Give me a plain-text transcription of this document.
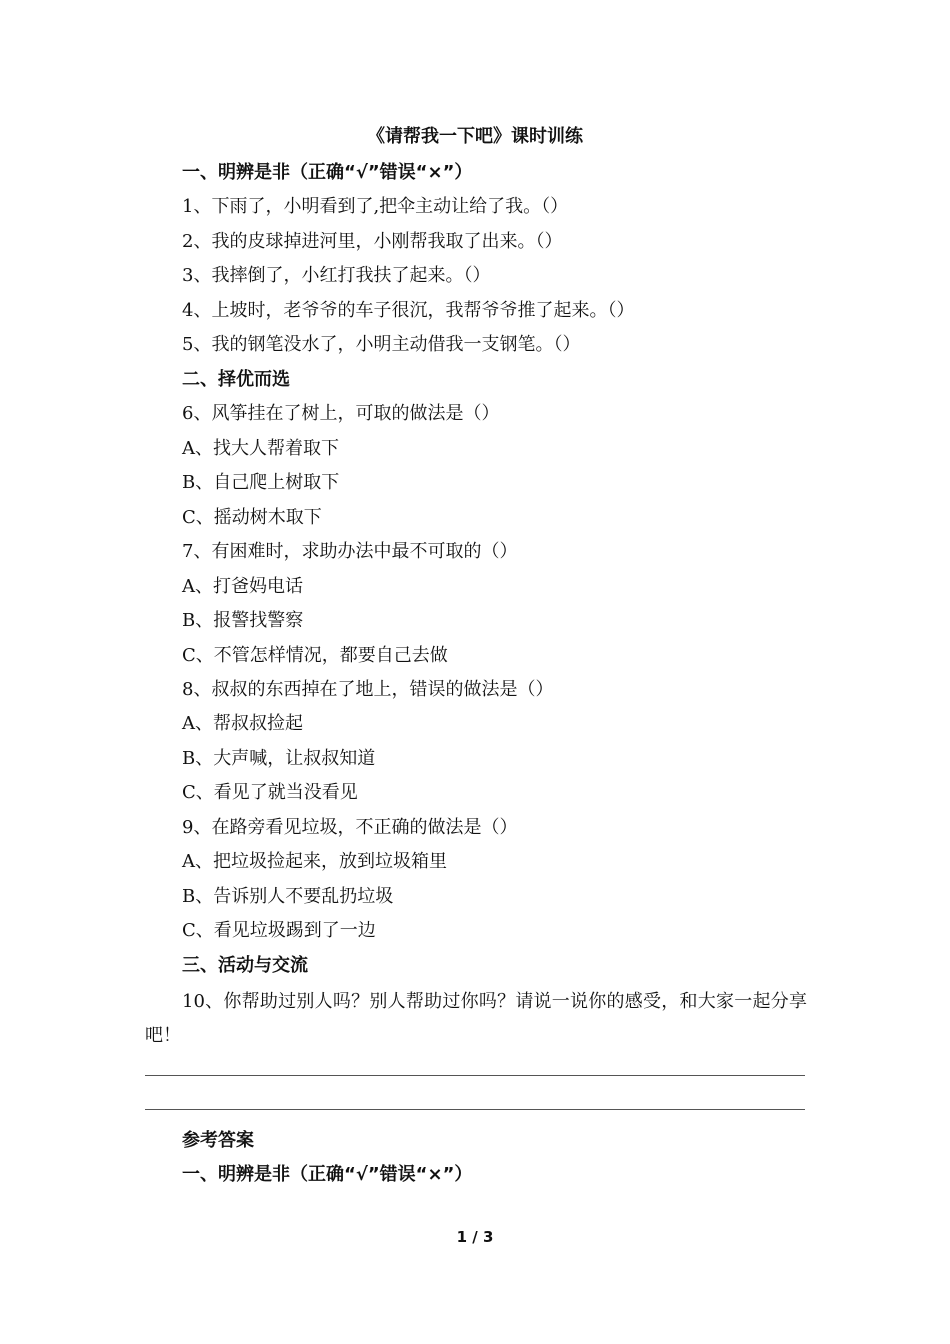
《请帮我一下吧》课时训练
一、明辨是非（正确“√”错误“×”）
1、下雨了，小明看到了,把伞主动让给了我。（）
2、我的皮球掉进河里，小刚帮我取了出来。（）
3、我摔倒了，小红打我扶了起来。（）
4、上坡时，老爷爷的车子很沉，我帮爷爷推了起来。（）
5、我的钢笔没水了，小明主动借我一支钢笔。（）
二、择优而选
6、风筝挂在了树上，可取的做法是（）
A、找大人帮着取下
B、自己爬上树取下
C、摇动树木取下
7、有困难时，求助办法中最不可取的（）
A、打爸妈电话
B、报警找警察
C、不管怎样情况，都要自己去做
8、叔叔的东西掉在了地上，错误的做法是（）
A、帮叔叔捡起
B、大声喊，让叔叔知道
C、看见了就当没看见
9、在路旁看见垃圾，不正确的做法是（）
A、把垃圾捡起来，放到垃圾箱里
B、告诉别人不要乱扔垃圾
C、看见垃圾踢到了一边
三、活动与交流
10、你帮助过别人吗？别人帮助过你吗？请说一说你的感受，和大家一起分享吧！
参考答案
一、明辨是非（正确“√”错误“×”）
1 / 3
